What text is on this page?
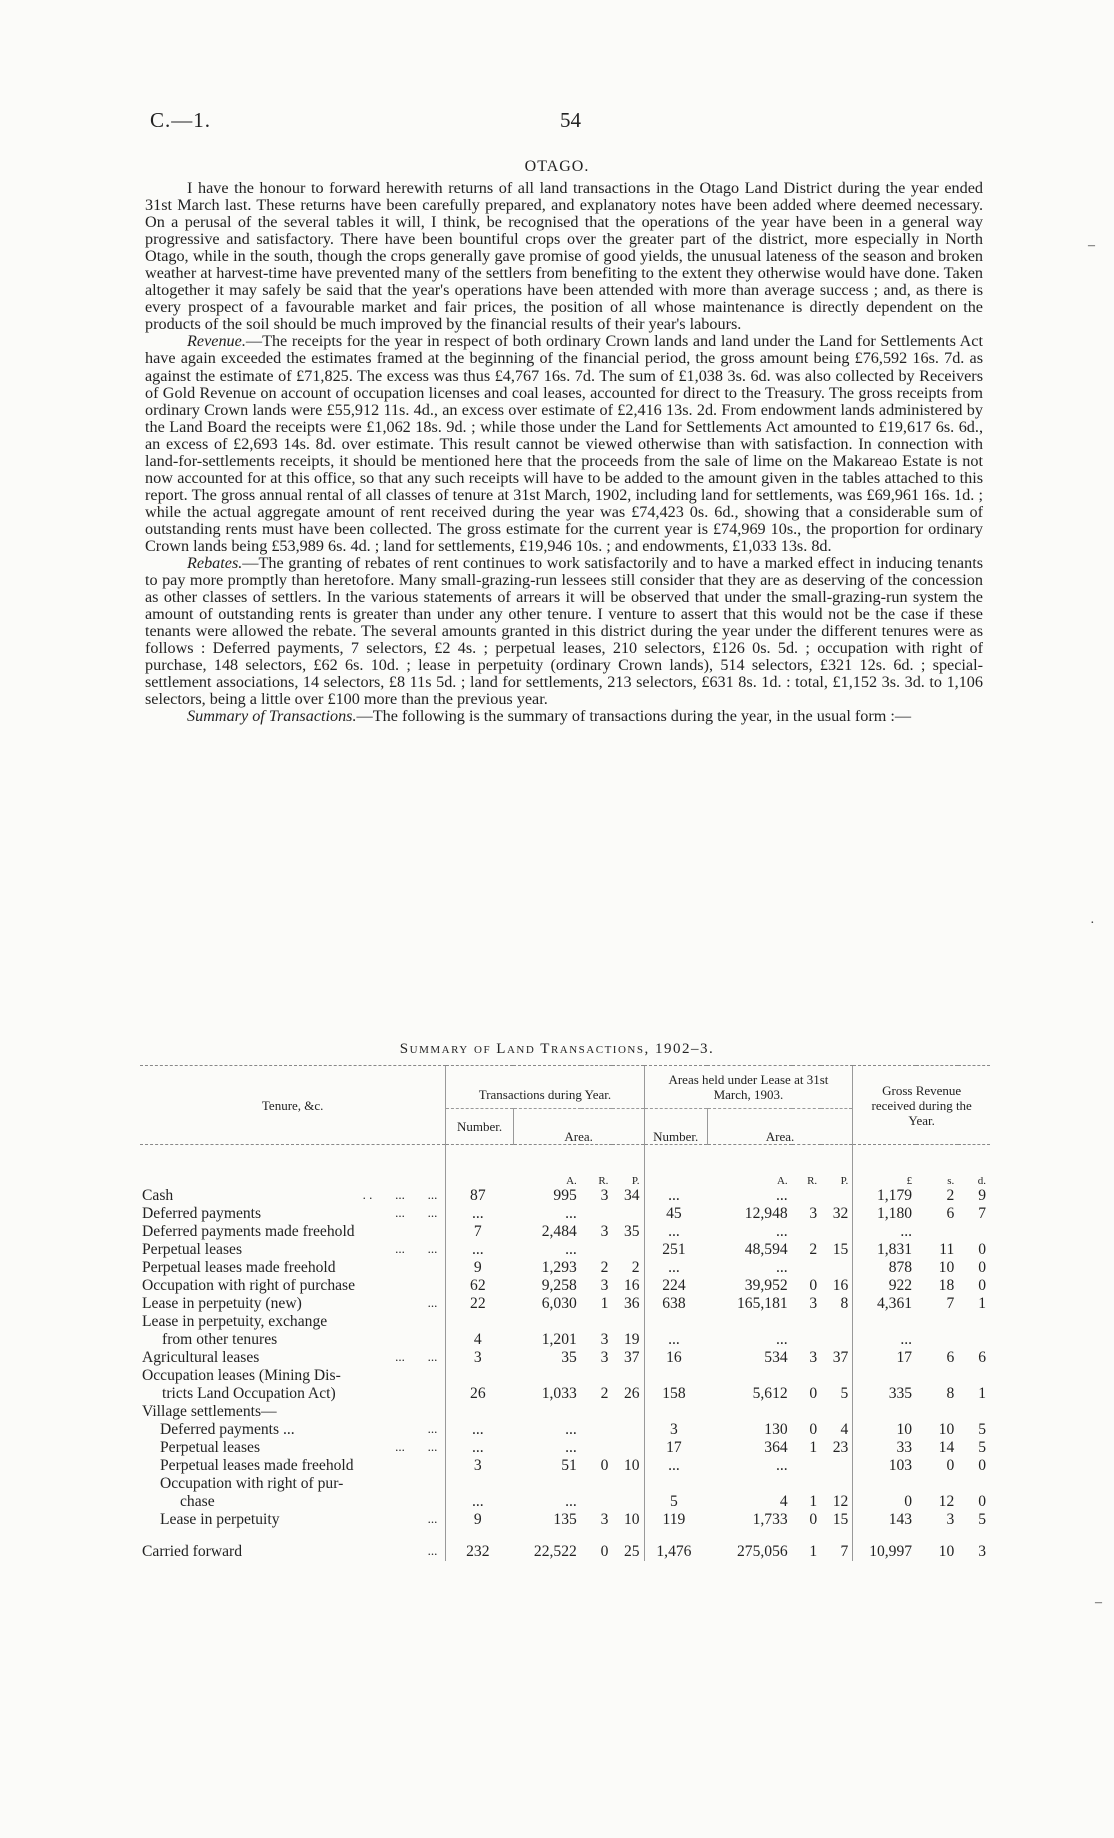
C.—1.	54
OTAGO.

I have the honour to forward herewith returns of all land transactions in the Otago Land District during the year ended 31st March last. These returns have been carefully prepared, and explanatory notes have been added where deemed necessary. On a perusal of the several tables it will, I think, be recognised that the operations of the year have been in a general way progressive and satisfactory. There have been bountiful crops over the greater part of the district, more especially in North Otago, while in the south, though the crops generally gave promise of good yields, the unusual lateness of the season and broken weather at harvest-time have prevented many of the settlers from benefiting to the extent they otherwise would have done. Taken altogether it may safely be said that the year's operations have been attended with more than average success ; and, as there is every prospect of a favourable market and fair prices, the position of all whose maintenance is directly dependent on the products of the soil should be much improved by the financial results of their year's labours.

Revenue.—The receipts for the year in respect of both ordinary Crown lands and land under the Land for Settlements Act have again exceeded the estimates framed at the beginning of the financial period, the gross amount being £76,592 16s. 7d. as against the estimate of £71,825. The excess was thus £4,767 16s. 7d. The sum of £1,038 3s. 6d. was also collected by Receivers of Gold Revenue on account of occupation licenses and coal leases, accounted for direct to the Treasury. The gross receipts from ordinary Crown lands were £55,912 11s. 4d., an excess over estimate of £2,416 13s. 2d. From endowment lands administered by the Land Board the receipts were £1,062 18s. 9d. ; while those under the Land for Settlements Act amounted to £19,617 6s. 6d., an excess of £2,693 14s. 8d. over estimate. This result cannot be viewed otherwise than with satisfaction. In connection with land-for-settlements receipts, it should be mentioned here that the proceeds from the sale of lime on the Makareao Estate is not now accounted for at this office, so that any such receipts will have to be added to the amount given in the tables attached to this report. The gross annual rental of all classes of tenure at 31st March, 1902, including land for settlements, was £69,961 16s. 1d. ; while the actual aggregate amount of rent received during the year was £74,423 0s. 6d., showing that a considerable sum of outstanding rents must have been collected. The gross estimate for the current year is £74,969 10s., the proportion for ordinary Crown lands being £53,989 6s. 4d. ; land for settlements, £19,946 10s. ; and endowments, £1,033 13s. 8d.

Rebates.—The granting of rebates of rent continues to work satisfactorily and to have a marked effect in inducing tenants to pay more promptly than heretofore. Many small-grazing-run lessees still consider that they are as deserving of the concession as other classes of settlers. In the various statements of arrears it will be observed that under the small-grazing-run system the amount of outstanding rents is greater than under any other tenure. I venture to assert that this would not be the case if these tenants were allowed the rebate. The several amounts granted in this district during the year under the different tenures were as follows : Deferred payments, 7 selectors, £2 4s. ; perpetual leases, 210 selectors, £126 0s. 5d. ; occupation with right of purchase, 148 selectors, £62 6s. 10d. ; lease in perpetuity (ordinary Crown lands), 514 selectors, £321 12s. 6d. ; special-settlement associations, 14 selectors, £8 11s 5d. ; land for settlements, 213 selectors, £631 8s. 1d. : total, £1,152 3s. 3d. to 1,106 selectors, being a little over £100 more than the previous year.

Summary of Transactions.—The following is the summary of transactions during the year, in the usual form :—

Summary of Land Transactions, 1902–3.

Tenure, &c.	Transactions during Year.				Areas held under Lease at 31st March, 1903.				Gross Revenue received during the Year.		
	Number.	Area.			Number.	Area.					

		A.	R.	P.		A.	R.	P.	£	s.	d.
Cash . .       ...       ...	87	995	3	34	...	...			1,179	2	9
Deferred payments ...       ...	...	...			45	12,948	3	32	1,180	6	7
Deferred payments made freehold	7	2,484	3	35	...	...			...		
Perpetual leases ...       ...	...	...			251	48,594	2	15	1,831	11	0
Perpetual leases made freehold	9	1,293	2	2	...	...			878	10	0
Occupation with right of purchase	62	9,258	3	16	224	39,952	0	16	922	18	0
Lease in perpetuity (new) ...	22	6,030	1	36	638	165,181	3	8	4,361	7	1
Lease in perpetuity, exchange
from other tenures	4	1,201	3	19	...	...			...		
Agricultural leases ...       ...	3	35	3	37	16	534	3	37	17	6	6
Occupation leases (Mining Dis-
tricts Land Occupation Act)	26	1,033	2	26	158	5,612	0	5	335	8	1
Village settlements—											
Deferred payments ... ...	...	...			3	130	0	4	10	10	5
Perpetual leases ...       ...	...	...			17	364	1	23	33	14	5
Perpetual leases made freehold	3	51	0	10	...	...			103	0	0
Occupation with right of pur-
chase	...	...			5	4	1	12	0	12	0
Lease in perpetuity ...	9	135	3	10	119	1,733	0	15	143	3	5

Carried forward ...	232	22,522	0	25	1,476	275,056	1	7	10,997	10	3
–
·
–
